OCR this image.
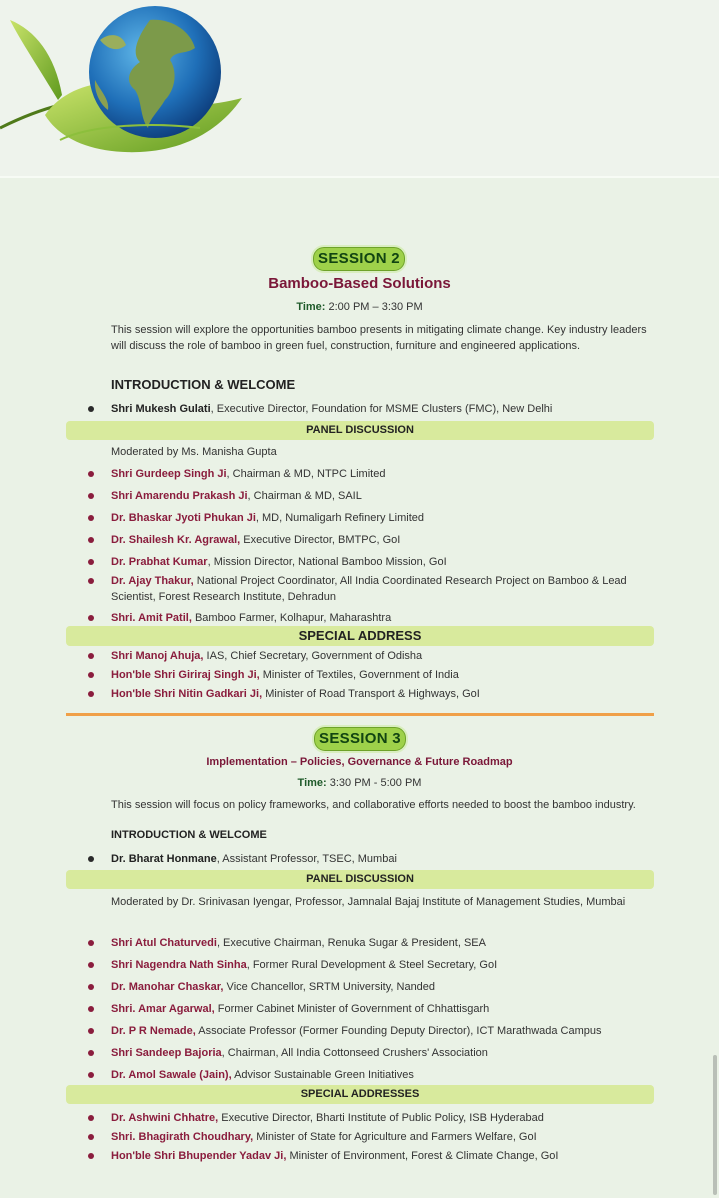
SESSION 2
Bamboo-Based Solutions
Time: 2:00 PM – 3:30 PM
This session will explore the opportunities bamboo presents in mitigating climate change. Key industry leaders will discuss the role of bamboo in green fuel, construction, furniture and engineered applications.
INTRODUCTION & WELCOME
Shri Mukesh Gulati, Executive Director, Foundation for MSME Clusters (FMC), New Delhi
PANEL DISCUSSION
Moderated by Ms. Manisha Gupta
Shri Gurdeep Singh Ji, Chairman & MD, NTPC Limited
Shri Amarendu Prakash Ji, Chairman & MD, SAIL
Dr. Bhaskar Jyoti Phukan Ji, MD, Numaligarh Refinery Limited
Dr. Shailesh Kr. Agrawal, Executive Director, BMTPC, GoI
Dr. Prabhat Kumar, Mission Director, National Bamboo Mission, GoI
Dr. Ajay Thakur, National Project Coordinator, All India Coordinated Research Project on Bamboo & Lead Scientist, Forest Research Institute, Dehradun
Shri. Amit Patil, Bamboo Farmer, Kolhapur, Maharashtra
SPECIAL ADDRESS
Shri Manoj Ahuja, IAS, Chief Secretary, Government of Odisha
Hon'ble Shri Giriraj Singh Ji, Minister of Textiles, Government of India
Hon'ble Shri Nitin Gadkari Ji, Minister of Road Transport & Highways, GoI
SESSION 3
Implementation – Policies, Governance & Future Roadmap
Time: 3:30 PM - 5:00 PM
This session will focus on policy frameworks, and collaborative efforts needed to boost the bamboo industry.
INTRODUCTION & WELCOME
Dr. Bharat Honmane, Assistant Professor, TSEC, Mumbai
PANEL DISCUSSION
Moderated by Dr. Srinivasan Iyengar, Professor, Jamnalal Bajaj Institute of Management Studies, Mumbai
Shri Atul Chaturvedi, Executive Chairman, Renuka Sugar & President, SEA
Shri Nagendra Nath Sinha, Former Rural Development & Steel Secretary, GoI
Dr. Manohar Chaskar, Vice Chancellor, SRTM University, Nanded
Shri. Amar Agarwal, Former Cabinet Minister of Government of Chhattisgarh
Dr. P R Nemade, Associate Professor (Former Founding Deputy Director), ICT Marathwada Campus
Shri Sandeep Bajoria, Chairman, All India Cottonseed Crushers' Association
Dr. Amol Sawale (Jain), Advisor Sustainable Green Initiatives
SPECIAL ADDRESSES
Dr. Ashwini Chhatre, Executive Director, Bharti Institute of Public Policy, ISB Hyderabad
Shri. Bhagirath Choudhary, Minister of State for Agriculture and Farmers Welfare, GoI
Hon'ble Shri Bhupender Yadav Ji, Minister of Environment, Forest & Climate Change, GoI
